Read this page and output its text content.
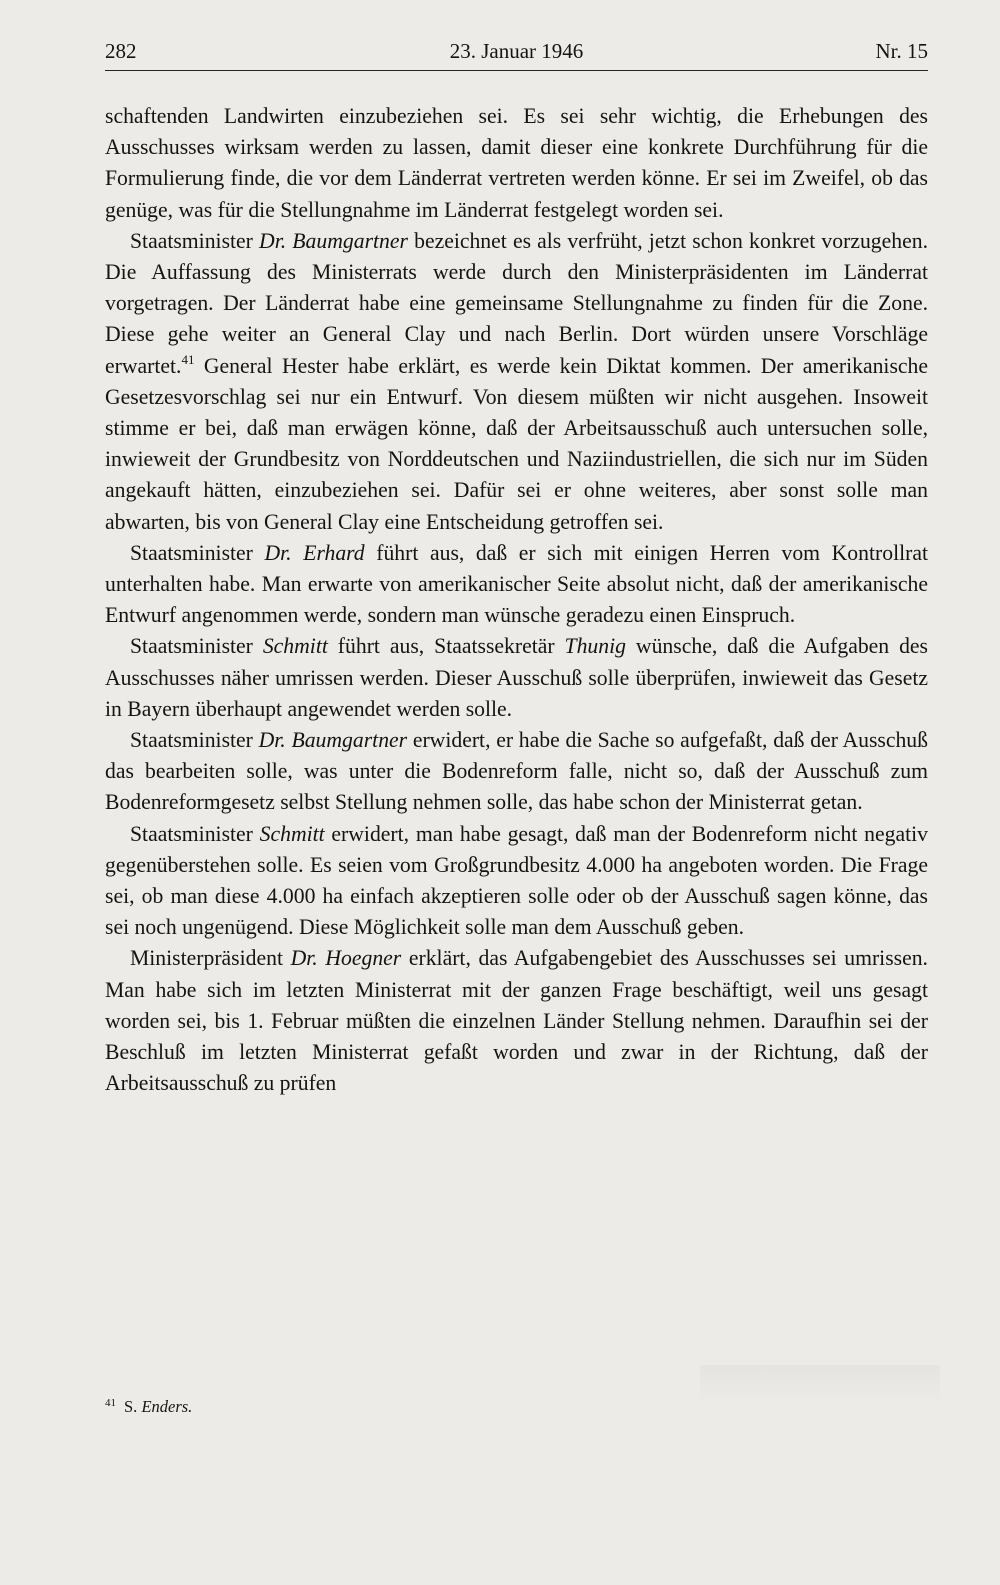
282	23. Januar 1946	Nr. 15

schaftenden Landwirten einzubeziehen sei. Es sei sehr wichtig, die Erhebungen des Ausschusses wirksam werden zu lassen, damit dieser eine konkrete Durchführung für die Formulierung finde, die vor dem Länderrat vertreten werden könne. Er sei im Zweifel, ob das genüge, was für die Stellungnahme im Länderrat festgelegt worden sei.

Staatsminister Dr. Baumgartner bezeichnet es als verfrüht, jetzt schon konkret vorzugehen. Die Auffassung des Ministerrats werde durch den Ministerpräsidenten im Länderrat vorgetragen. Der Länderrat habe eine gemeinsame Stellungnahme zu finden für die Zone. Diese gehe weiter an General Clay und nach Berlin. Dort würden unsere Vorschläge erwartet.$^{41}$ General Hester habe erklärt, es werde kein Diktat kommen. Der amerikanische Gesetzesvorschlag sei nur ein Entwurf. Von diesem müßten wir nicht ausgehen. Insoweit stimme er bei, daß man erwägen könne, daß der Arbeitsausschuß auch untersuchen solle, inwieweit der Grundbesitz von Norddeutschen und Naziindustriellen, die sich nur im Süden angekauft hätten, einzubeziehen sei. Dafür sei er ohne weiteres, aber sonst solle man abwarten, bis von General Clay eine Entscheidung getroffen sei.

Staatsminister Dr. Erhard führt aus, daß er sich mit einigen Herren vom Kontrollrat unterhalten habe. Man erwarte von amerikanischer Seite absolut nicht, daß der amerikanische Entwurf angenommen werde, sondern man wünsche geradezu einen Einspruch.

Staatsminister Schmitt führt aus, Staatssekretär Thunig wünsche, daß die Aufgaben des Ausschusses näher umrissen werden. Dieser Ausschuß solle überprüfen, inwieweit das Gesetz in Bayern überhaupt angewendet werden solle.

Staatsminister Dr. Baumgartner erwidert, er habe die Sache so aufgefaßt, daß der Ausschuß das bearbeiten solle, was unter die Bodenreform falle, nicht so, daß der Ausschuß zum Bodenreformgesetz selbst Stellung nehmen solle, das habe schon der Ministerrat getan.

Staatsminister Schmitt erwidert, man habe gesagt, daß man der Bodenreform nicht negativ gegenüberstehen solle. Es seien vom Großgrundbesitz 4.000 ha angeboten worden. Die Frage sei, ob man diese 4.000 ha einfach akzeptieren solle oder ob der Ausschuß sagen könne, das sei noch ungenügend. Diese Möglichkeit solle man dem Ausschuß geben.

Ministerpräsident Dr. Hoegner erklärt, das Aufgabengebiet des Ausschusses sei umrissen. Man habe sich im letzten Ministerrat mit der ganzen Frage beschäftigt, weil uns gesagt worden sei, bis 1. Februar müßten die einzelnen Länder Stellung nehmen. Daraufhin sei der Beschluß im letzten Ministerrat gefaßt worden und zwar in der Richtung, daß der Arbeitsausschuß zu prüfen

$^{41}$ S. Enders.
